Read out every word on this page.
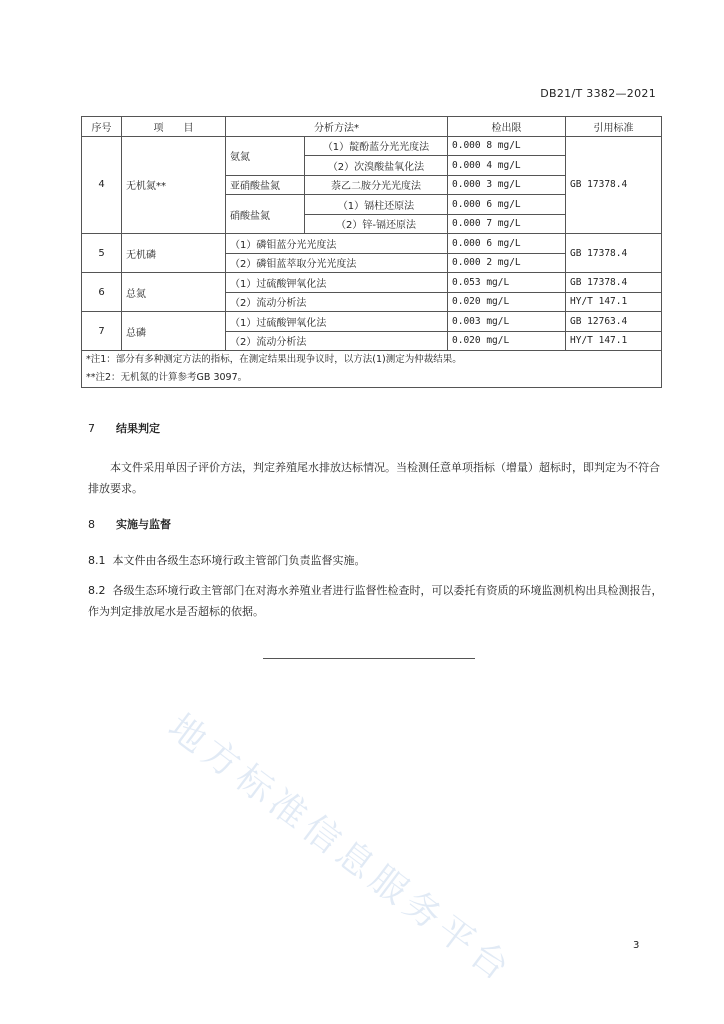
DB21/T 3382—2021
序号	项　　目	分析方法*		检出限	引用标准
4	无机氮**	氨氮	（1）靛酚蓝分光光度法	0.000 8 mg/L	GB 17378.4
			（2）次溴酸盐氧化法	0.000 4 mg/L	
		亚硝酸盐氮	萘乙二胺分光光度法	0.000 3 mg/L	
		硝酸盐氮	（1）镉柱还原法	0.000 6 mg/L	
			（2）锌-镉还原法	0.000 7 mg/L	
5	无机磷	（1）磷钼蓝分光光度法		0.000 6 mg/L	GB 17378.4
		（2）磷钼蓝萃取分光光度法		0.000 2 mg/L	
6	总氮	（1）过硫酸钾氧化法		0.053 mg/L	GB 17378.4
		（2）流动分析法		0.020 mg/L	HY/T 147.1
7	总磷	（1）过硫酸钾氧化法		0.003 mg/L	GB 12763.4
		（2）流动分析法		0.020 mg/L	HY/T 147.1

*注1：部分有多种测定方法的指标，在测定结果出现争议时，以方法(1)测定为仲裁结果。
**注2：无机氮的计算参考GB 3097。					
7 结果判定
本文件采用单因子评价方法，判定养殖尾水排放达标情况。当检测任意单项指标（增量）超标时，即判定为不符合排放要求。
8 实施与监督
8.1 本文件由各级生态环境行政主管部门负责监督实施。
8.2 各级生态环境行政主管部门在对海水养殖业者进行监督性检查时，可以委托有资质的环境监测机构出具检测报告，作为判定排放尾水是否超标的依据。
地方标准信息服务平台	3
